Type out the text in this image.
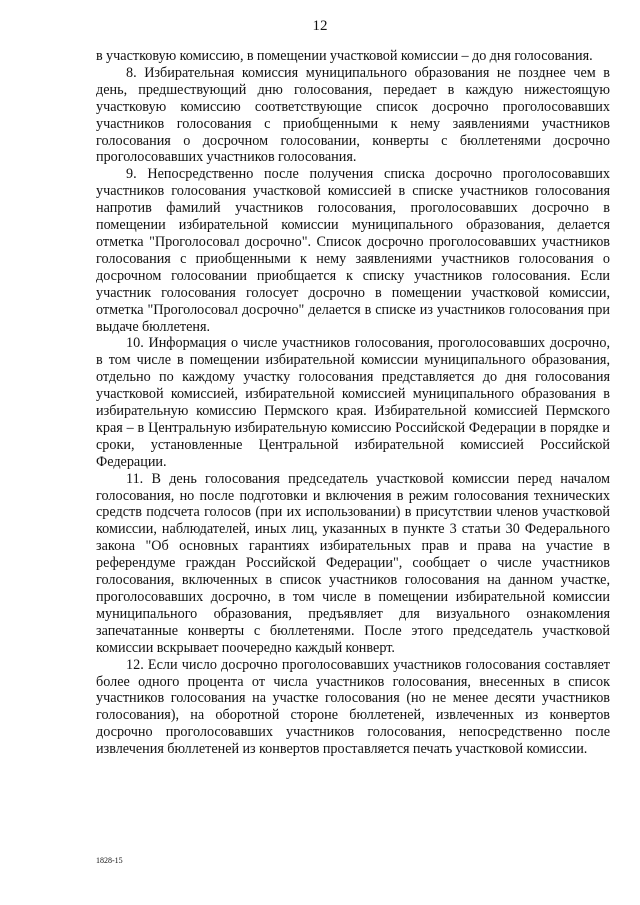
12

в участковую комиссию, в помещении участковой комиссии – до дня голосования.

8. Избирательная комиссия муниципального образования не позднее чем в день, предшествующий дню голосования, передает в каждую нижестоящую участковую комиссию соответствующие список досрочно проголосовавших участников голосования с приобщенными к нему заявлениями участников голосования о досрочном голосовании, конверты с бюллетенями досрочно проголосовавших участников голосования.

9. Непосредственно после получения списка досрочно проголосовавших участников голосования участковой комиссией в списке участников голосования напротив фамилий участников голосования, проголосовавших досрочно в помещении избирательной комиссии муниципального образования, делается отметка "Проголосовал досрочно". Список досрочно проголосовавших участников голосования с приобщенными к нему заявлениями участников голосования о досрочном голосовании приобщается к списку участников голосования. Если участник голосования голосует досрочно в помещении участковой комиссии, отметка "Проголосовал досрочно" делается в списке из участников голосования при выдаче бюллетеня.

10. Информация о числе участников голосования, проголосовавших досрочно, в том числе в помещении избирательной комиссии муниципального образования, отдельно по каждому участку голосования представляется до дня голосования участковой комиссией, избирательной комиссией муниципального образования в избирательную комиссию Пермского края. Избирательной комиссией Пермского края – в Центральную избирательную комиссию Российской Федерации в порядке и сроки, установленные Центральной избирательной комиссией Российской Федерации.

11. В день голосования председатель участковой комиссии перед началом голосования, но после подготовки и включения в режим голосования технических средств подсчета голосов (при их использовании) в присутствии членов участковой комиссии, наблюдателей, иных лиц, указанных в пункте 3 статьи 30 Федерального закона "Об основных гарантиях избирательных прав и права на участие в референдуме граждан Российской Федерации", сообщает о числе участников голосования, включенных в список участников голосования на данном участке, проголосовавших досрочно, в том числе в помещении избирательной комиссии муниципального образования, предъявляет для визуального ознакомления запечатанные конверты с бюллетенями. После этого председатель участковой комиссии вскрывает поочередно каждый конверт.

12. Если число досрочно проголосовавших участников голосования составляет более одного процента от числа участников голосования, внесенных в список участников голосования на участке голосования (но не менее десяти участников голосования), на оборотной стороне бюллетеней, извлеченных из конвертов досрочно проголосовавших участников голосования, непосредственно после извлечения бюллетеней из конвертов проставляется печать участковой комиссии.

1828-15
